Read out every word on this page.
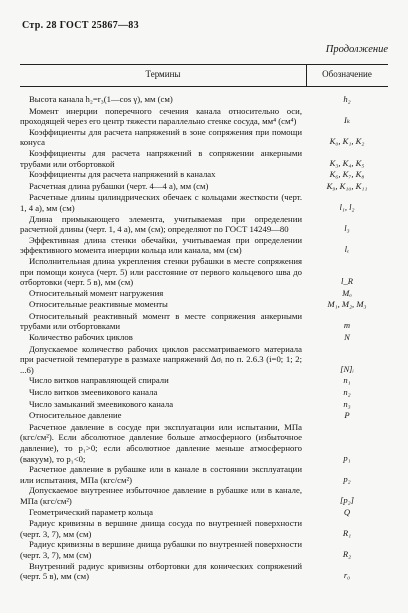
Стр. 28 ГОСТ 25867—83
Продолжение
Термины	Обозначение
Высота канала h₂=r₃(1—cos γ), мм (см)	h₂
Момент инерции поперечного сечения канала относительно оси, проходящей через его центр тяжести параллельно стенке сосуда, мм⁴ (см⁴)	Iₖ
Коэффициенты для расчета напряжений в зоне сопряжения при помощи конуса	K₀, K₁, K₂
Коэффициенты для расчета напряжений в сопряжении анкерными трубами или отбортовкой	K₃, K₄, K₅
Коэффициенты для расчета напряжений в каналах	K₆, K₇, K₈
Расчетная длина рубашки (черт. 4—4 а), мм (см)	K₉, K₁₀, K₁₁
Расчетные длины цилиндрических обечаек с кольцами жесткости (черт. 1, 4 а), мм (см)	l₁, l₂
Длина примыкающего элемента, учитываемая при определении расчетной длины (черт. 1, 4 а), мм (см); определяют по ГОСТ 14249—80	l₃
Эффективная длина стенки обечайки, учитываемая при определении эффективного момента инерции кольца или канала, мм (см)	lₑ
Исполнительная длина укрепления стенки рубашки в месте сопряжения при помощи конуса (черт. 5) или расстояние от первого кольцевого шва до отбортовки (черт. 5 в), мм (см)	l_R
Относительный момент нагружения	Mₐ
Относительные реактивные моменты	M₁, M₂, M₃
Относительный реактивный момент в месте сопряжения анкерными трубами или отбортовками	m
Количество рабочих циклов	N
Допускаемое количество рабочих циклов рассматриваемого материала при расчетной температуре в размахе напряжений Δσᵢ по п. 2.6.3 (i=0; 1; 2; ...6)	[N]ᵢ
Число витков направляющей спирали	n₁
Число витков змеевикового канала	n₂
Число замыканий змеевикового канала	n₃
Относительное давление	P
Расчетное давление в сосуде при эксплуатации или испытании, МПа (кгс/см²). Если абсолютное давление больше атмосферного (избыточное давление), то p₁>0; если абсолютное давление меньше атмосферного (вакуум), то p₁<0;	p₁
Расчетное давление в рубашке или в канале в состоянии эксплуатации или испытания, МПа (кгс/см²)	p₂
Допускаемое внутреннее избыточное давление в рубашке или в канале, МПа (кгс/см²)	[p₂]
Геометрический параметр кольца	Q
Радиус кривизны в вершине днища сосуда по внутренней поверхности (черт. 3, 7), мм (см)	R₁
Радиус кривизны в вершине днища рубашки по внутренней поверхности (черт. 3, 7), мм (см)	R₂
Внутренний радиус кривизны отбортовки для конических сопряжений (черт. 5 в), мм (см)	r₀
